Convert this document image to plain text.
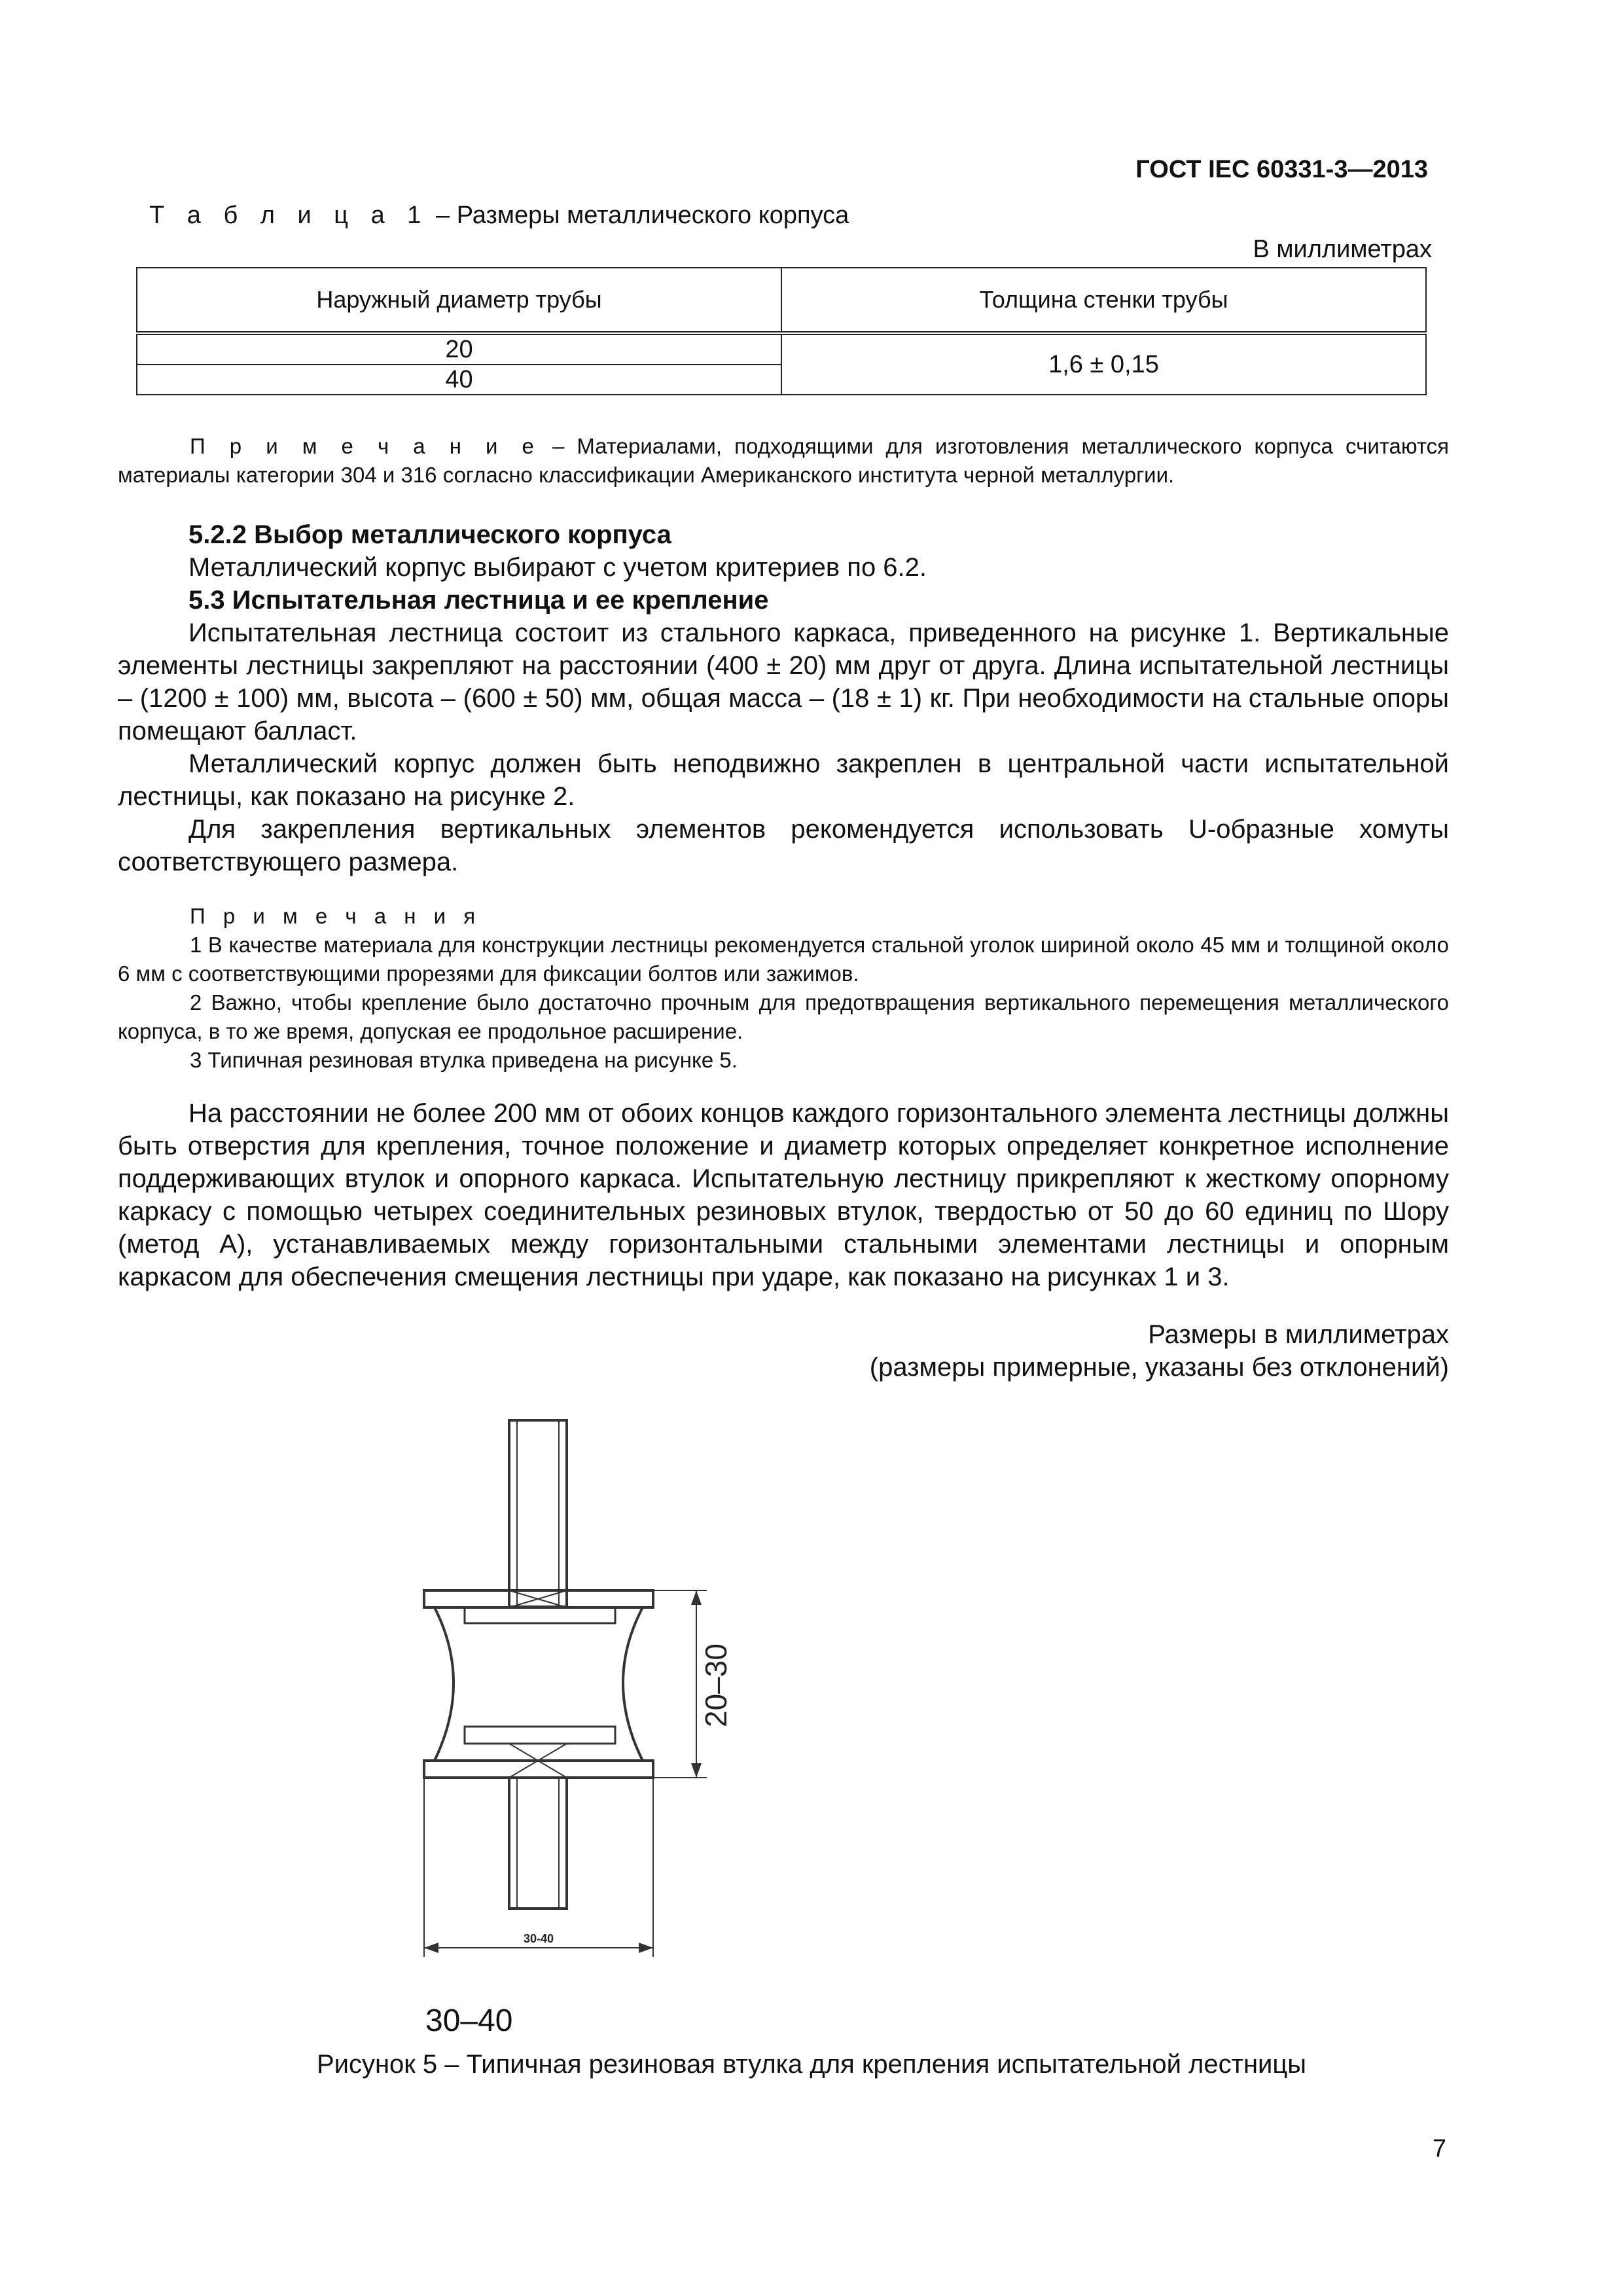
ГОСТ IEC 60331-3—2013
Т а б л и ц а 1 – Размеры металлического корпуса
В миллиметрах
Наружный диаметр трубы	Толщина стенки трубы
20	1,6 ± 0,15
40	
П р и м е ч а н и е – Материалами, подходящими для изготовления металлического корпуса считаются материалы категории 304 и 316 согласно классификации Американского института черной металлургии.
5.2.2 Выбор металлического корпуса
Металлический корпус выбирают с учетом критериев по 6.2.
5.3 Испытательная лестница и ее крепление
Испытательная лестница состоит из стального каркаса, приведенного на рисунке 1. Вертикальные элементы лестницы закрепляют на расстоянии (400 ± 20) мм друг от друга. Длина испытательной лестницы – (1200 ± 100) мм, высота – (600 ± 50) мм, общая масса – (18 ± 1) кг. При необходимости на стальные опоры помещают балласт.
Металлический корпус должен быть неподвижно закреплен в центральной части испытательной лестницы, как показано на рисунке 2.
Для закрепления вертикальных элементов рекомендуется использовать U-образные хомуты соответствующего размера.
П р и м е ч а н и я
1 В качестве материала для конструкции лестницы рекомендуется стальной уголок шириной около 45 мм и толщиной около 6 мм с соответствующими прорезями для фиксации болтов или зажимов.
2 Важно, чтобы крепление было достаточно прочным для предотвращения вертикального перемещения металлического корпуса, в то же время, допуская ее продольное расширение.
3 Типичная резиновая втулка приведена на рисунке 5.
На расстоянии не более 200 мм от обоих концов каждого горизонтального элемента лестницы должны быть отверстия для крепления, точное положение и диаметр которых определяет конкретное исполнение поддерживающих втулок и опорного каркаса. Испытательную лестницу прикрепляют к жесткому опорному каркасу с помощью четырех соединительных резиновых втулок, твердостью от 50 до 60 единиц по Шору (метод А), устанавливаемых между горизонтальными стальными элементами лестницы и опорным каркасом для обеспечения смещения лестницы при ударе, как показано на рисунках 1 и 3.
Размеры в миллиметрах
(размеры примерные, указаны без отклонений)
20–30
30-40
30–40
Рисунок 5 – Типичная резиновая втулка для крепления испытательной лестницы
7
